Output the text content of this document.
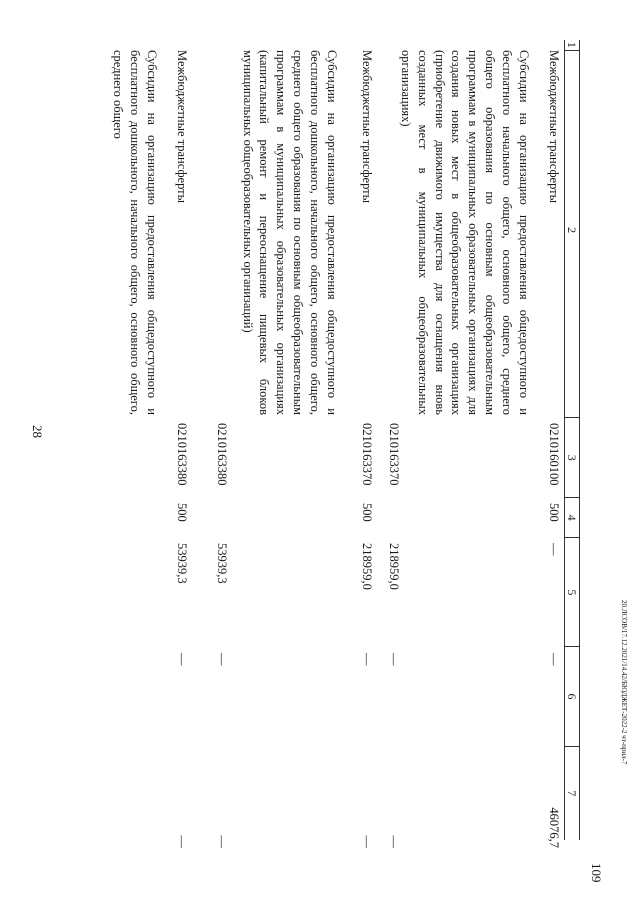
28
109
20.ЛСОВ/17.12.2021/14.42/БЮДЖЕТ-2022-2 чт-прил-7
1
2
3
4
5
6
7
Межбюджетные трансферты
0210160100
500
—
—
46076,7
Субсидии на организацию предоставления общедоступного и бесплатного начального общего, основного общего, среднего общего образования по основным общеобразовательным программам в муниципальных образовательных организациях для создания новых мест в общеобразовательных организациях (приобретение движимого имущества для оснащения вновь созданных мест в муниципальных общеобразовательных организациях)
0210163370
218959,0
—
—
Межбюджетные трансферты
0210163370
500
218959,0
—
—
Субсидии на организацию предоставления общедоступного и бесплатного дошкольного, начального общего, основного общего, среднего общего образования по основным общеобразовательным программам в муниципальных образовательных организациях (капитальный ремонт и переоснащение пищевых блоков муниципальных общеобразовательных организаций)
0210163380
53939,3
—
—
Межбюджетные трансферты
0210163380
500
53939,3
—
—
Субсидии на организацию предоставления общедоступного и бесплатного дошкольного, начального общего, основного общего, среднего общего
